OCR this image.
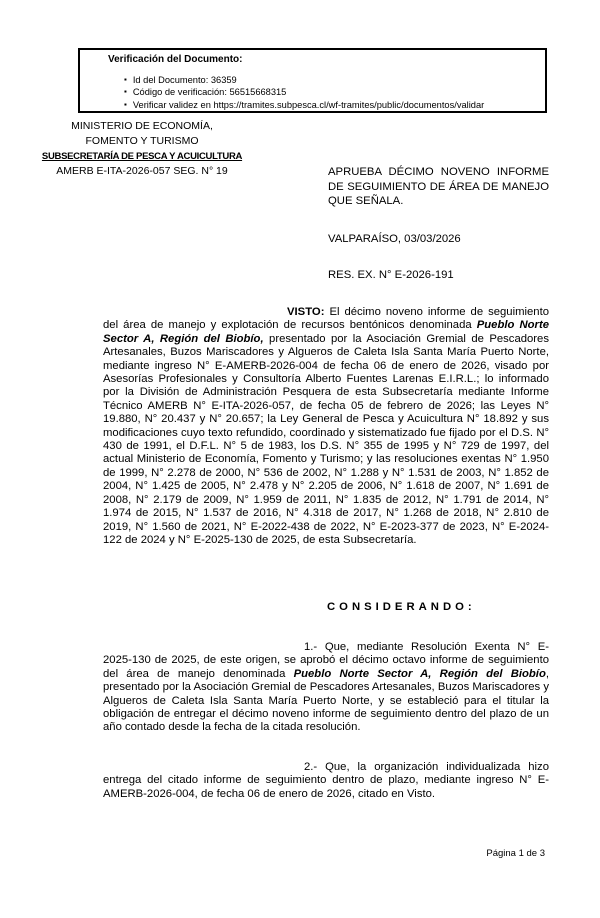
Verificación del Documento:
▪ Id del Documento: 36359
▪ Código de verificación: 56515668315
▪ Verificar validez en https://tramites.subpesca.cl/wf-tramites/public/documentos/validar
MINISTERIO DE ECONOMÍA,
FOMENTO Y TURISMO
SUBSECRETARÍA DE PESCA Y ACUICULTURA
AMERB E-ITA-2026-057 SEG. N° 19	APRUEBA DÉCIMO NOVENO INFORME DE SEGUIMIENTO DE ÁREA DE MANEJO QUE SEÑALA.
VALPARAÍSO, 03/03/2026
RES. EX. N° E-2026-191
VISTO: El décimo noveno informe de seguimiento del área de manejo y explotación de recursos bentónicos denominada Pueblo Norte Sector A, Región del Biobío, presentado por la Asociación Gremial de Pescadores Artesanales, Buzos Mariscadores y Algueros de Caleta Isla Santa María Puerto Norte, mediante ingreso N° E-AMERB-2026-004 de fecha 06 de enero de 2026, visado por Asesorías Profesionales y Consultoría Alberto Fuentes Larenas E.I.R.L.; lo informado por la División de Administración Pesquera de esta Subsecretaría mediante Informe Técnico AMERB N° E-ITA-2026-057, de fecha 05 de febrero de 2026; las Leyes N° 19.880, N° 20.437 y N° 20.657; la Ley General de Pesca y Acuicultura N° 18.892 y sus modificaciones cuyo texto refundido, coordinado y sistematizado fue fijado por el D.S. N° 430 de 1991, el D.F.L. N° 5 de 1983, los D.S. N° 355 de 1995 y N° 729 de 1997, del actual Ministerio de Economía, Fomento y Turismo; y las resoluciones exentas N° 1.950 de 1999, N° 2.278 de 2000, N° 536 de 2002, N° 1.288 y N° 1.531 de 2003, N° 1.852 de 2004, N° 1.425 de 2005, N° 2.478 y N° 2.205 de 2006, N° 1.618 de 2007, N° 1.691 de 2008, N° 2.179 de 2009, N° 1.959 de 2011, N° 1.835 de 2012, N° 1.791 de 2014, N° 1.974 de 2015, N° 1.537 de 2016, N° 4.318 de 2017, N° 1.268 de 2018, N° 2.810 de 2019, N° 1.560 de 2021, N° E-2022-438 de 2022, N° E-2023-377 de 2023, N° E-2024- 122 de 2024 y N° E-2025-130 de 2025, de esta Subsecretaría.
CONSIDERANDO:
1.- Que, mediante Resolución Exenta N° E-2025-130 de 2025, de este origen, se aprobó el décimo octavo informe de seguimiento del área de manejo denominada Pueblo Norte Sector A, Región del Biobío, presentado por la Asociación Gremial de Pescadores Artesanales, Buzos Mariscadores y Algueros de Caleta Isla Santa María Puerto Norte, y se estableció para el titular la obligación de entregar el décimo noveno informe de seguimiento dentro del plazo de un año contado desde la fecha de la citada resolución.
2.- Que, la organización individualizada hizo entrega del citado informe de seguimiento dentro de plazo, mediante ingreso N° E-AMERB-2026-004, de fecha 06 de enero de 2026, citado en Visto.
Página 1 de 3
